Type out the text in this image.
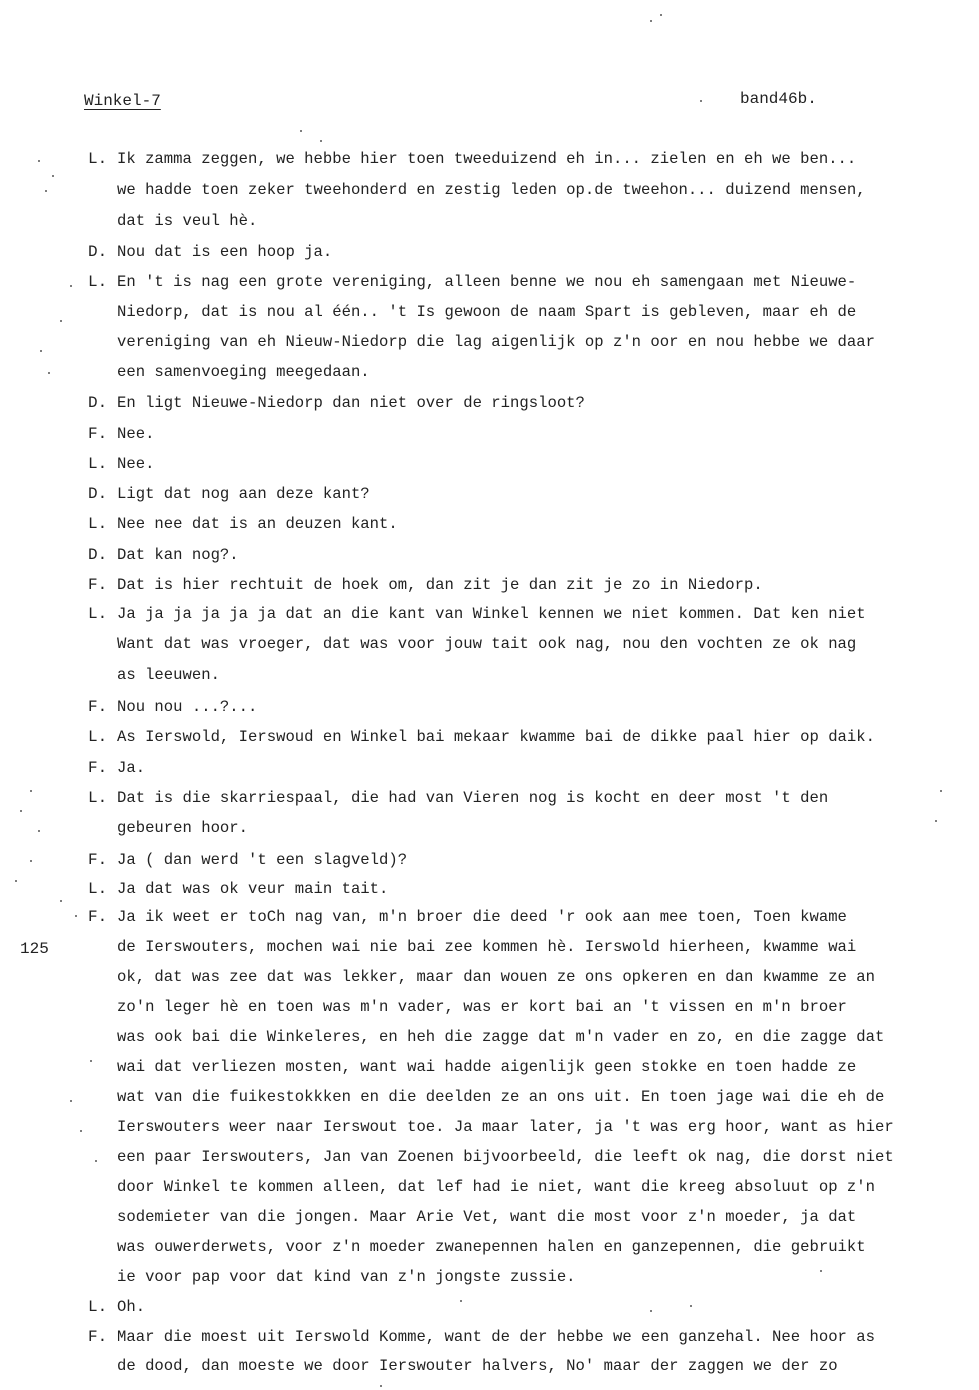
Winkel-7	band46b.
125
L. Ik zamma zeggen, we hebbe hier toen tweeduizend eh in... zielen en eh we ben...
we hadde toen zeker tweehonderd en zestig leden op.de tweehon... duizend mensen,
dat is veul hè.
D. Nou dat is een hoop ja.
L. En 't is nag een grote vereniging, alleen benne we nou eh samengaan met Nieuwe-
Niedorp, dat is nou al één.. 't Is gewoon de naam Spart is gebleven, maar eh de
vereniging van eh Nieuw-Niedorp die lag aigenlijk op z'n oor en nou hebbe we daar
een samenvoeging meegedaan.
D. En ligt Nieuwe-Niedorp dan niet over de ringsloot?
F. Nee.
L. Nee.
D. Ligt dat nog aan deze kant?
L. Nee nee dat is an deuzen kant.
D. Dat kan nog?.
F. Dat is hier rechtuit de hoek om, dan zit je dan zit je zo in Niedorp.
L. Ja ja ja ja ja ja dat an die kant van Winkel kennen we niet kommen. Dat ken niet
Want dat was vroeger, dat was voor jouw tait ook nag, nou den vochten ze ok nag
as leeuwen.
F. Nou nou ...?...
L. As Ierswold, Ierswoud en Winkel bai mekaar kwamme bai de dikke paal hier op daik.
F. Ja.
L. Dat is die skarriespaal, die had van Vieren nog is kocht en deer most 't den
gebeuren hoor.
F. Ja ( dan werd 't een slagveld)?
L. Ja dat was ok veur main tait.
F. Ja ik weet er toCh nag van, m'n broer die deed 'r ook aan mee toen, Toen kwame
de Ierswouters, mochen wai nie bai zee kommen hè. Ierswold hierheen, kwamme wai
ok, dat was zee dat was lekker, maar dan wouen ze ons opkeren en dan kwamme ze an
zo'n leger hè en toen was m'n vader, was er kort bai an 't vissen en m'n broer
was ook bai die Winkeleres, en heh die zagge dat m'n vader en zo, en die zagge dat
wai dat verliezen mosten, want wai hadde aigenlijk geen stokke en toen hadde ze
wat van die fuikestokkken en die deelden ze an ons uit. En toen jage wai die eh de
Ierswouters weer naar Ierswout toe. Ja maar later, ja 't was erg hoor, want as hier
een paar Ierswouters, Jan van Zoenen bijvoorbeeld, die leeft ok nag, die dorst niet
door Winkel te kommen alleen, dat lef had ie niet, want die kreeg absoluut op z'n
sodemieter van die jongen. Maar Arie Vet, want die most voor z'n moeder, ja dat
was ouwerderwets, voor z'n moeder zwanepennen halen en ganzepennen, die gebruikt
ie voor pap voor dat kind van z'n jongste zussie.
L. Oh.
F. Maar die moest uit Ierswold Komme, want de der hebbe we een ganzehal. Nee hoor as
de dood, dan moeste we door Ierswouter halvers, No' maar der zaggen we der zo
